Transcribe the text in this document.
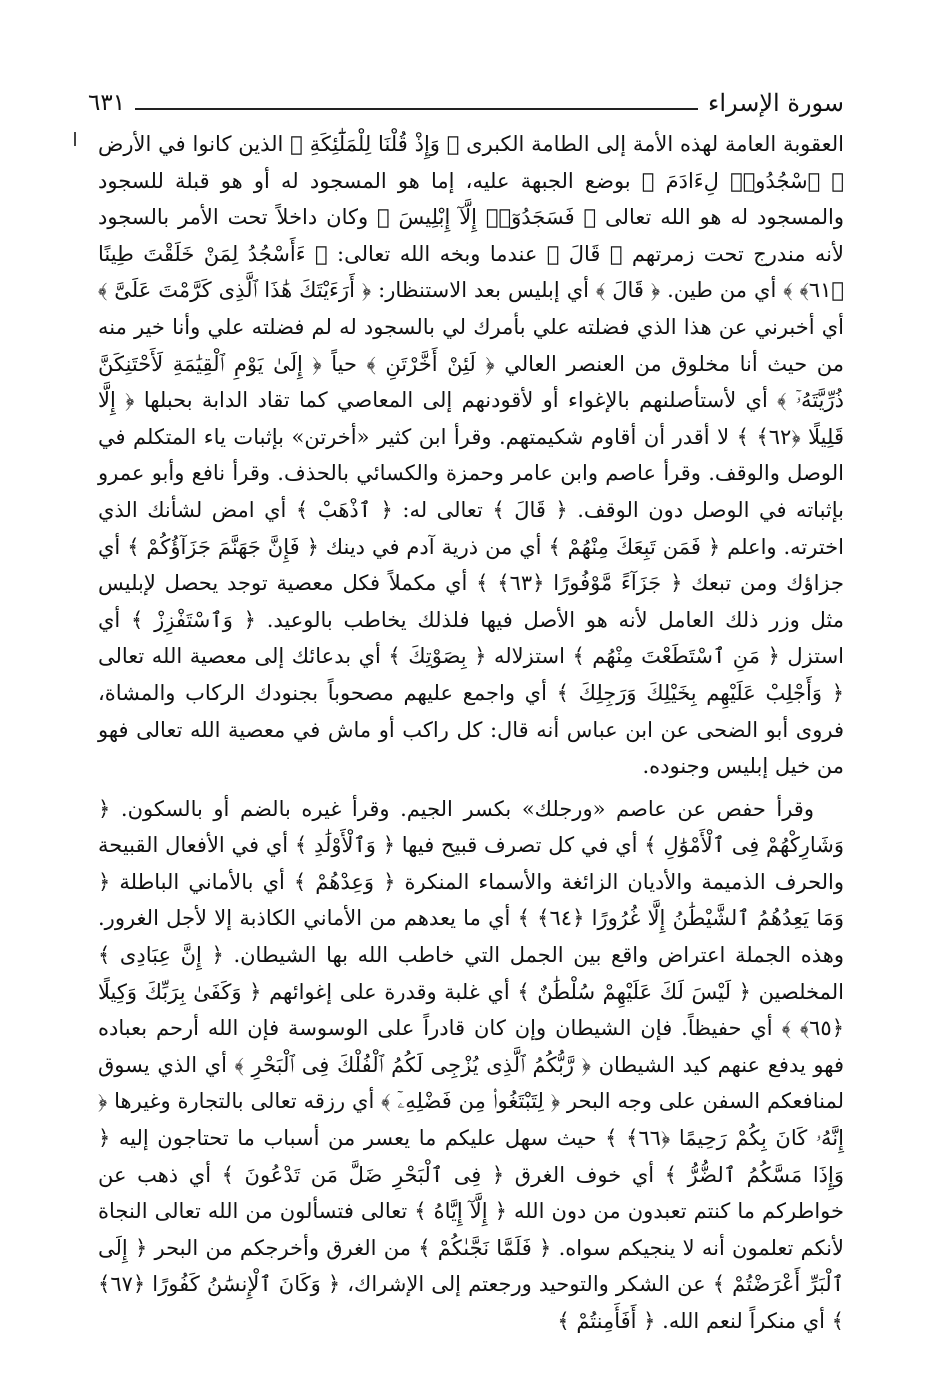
سورة الإسراء
٦٣١

العقوبة العامة لهذه الأمة إلى الطامة الكبرى ﴿ وَإِذْ قُلْنَا لِلْمَلَٰٓئِكَةِ ﴾ الذين كانوا في الأرض ﴿ ٱسْجُدُوا۟ لِءَادَمَ ﴾ بوضع الجبهة عليه، إما هو المسجود له أو هو قبلة للسجود والمسجود له هو الله تعالى ﴿ فَسَجَدُوٓا۟ إِلَّآ إِبْلِيسَ ﴾ وكان داخلاً تحت الأمر بالسجود لأنه مندرج تحت زمرتهم ﴿ قَالَ ﴾ عندما وبخه الله تعالى: ﴿ ءَأَسْجُدُ لِمَنْ خَلَقْتَ طِينًا ﴿٦١﴾ ﴾ أي من طين. ﴿ قَالَ ﴾ أي إبليس بعد الاستنظار: ﴿ أَرَءَيْتَكَ هَٰذَا ٱلَّذِى كَرَّمْتَ عَلَىَّ ﴾ أي أخبرني عن هذا الذي فضلته علي بأمرك لي بالسجود له لم فضلته علي وأنا خير منه من حيث أنا مخلوق من العنصر العالي ﴿ لَئِنْ أَخَّرْتَنِ ﴾ حياً ﴿ إِلَىٰ يَوْمِ ٱلْقِيَٰمَةِ لَأَحْتَنِكَنَّ ذُرِّيَّتَهُۥٓ ﴾ أي لأستأصلنهم بالإغواء أو لأقودنهم إلى المعاصي كما تقاد الدابة بحبلها ﴿ إِلَّا قَلِيلًا ﴿٦٢﴾ ﴾ لا أقدر أن أقاوم شكيمتهم. وقرأ ابن كثير «أخرتن» بإثبات ياء المتكلم في الوصل والوقف. وقرأ عاصم وابن عامر وحمزة والكسائي بالحذف. وقرأ نافع وأبو عمرو بإثباته في الوصل دون الوقف. ﴿ قَالَ ﴾ تعالى له: ﴿ ٱذْهَبْ ﴾ أي امض لشأنك الذي اخترته. واعلم ﴿ فَمَن تَبِعَكَ مِنْهُمْ ﴾ أي من ذرية آدم في دينك ﴿ فَإِنَّ جَهَنَّمَ جَزَآؤُكُمْ ﴾ أي جزاؤك ومن تبعك ﴿ جَزَآءً مَّوْفُورًا ﴿٦٣﴾ ﴾ أي مكملاً فكل معصية توجد يحصل لإبليس مثل وزر ذلك العامل لأنه هو الأصل فيها فلذلك يخاطب بالوعيد. ﴿ وَٱسْتَفْزِزْ ﴾ أي استزل ﴿ مَنِ ٱسْتَطَعْتَ مِنْهُم ﴾ استزلاله ﴿ بِصَوْتِكَ ﴾ أي بدعائك إلى معصية الله تعالى ﴿ وَأَجْلِبْ عَلَيْهِم بِخَيْلِكَ وَرَجِلِكَ ﴾ أي واجمع عليهم مصحوباً بجنودك الركاب والمشاة، فروى أبو الضحى عن ابن عباس أنه قال: كل راكب أو ماش في معصية الله تعالى فهو من خيل إبليس وجنوده.

وقرأ حفص عن عاصم «ورجلك» بكسر الجيم. وقرأ غيره بالضم أو بالسكون. ﴿ وَشَارِكْهُمْ فِى ٱلْأَمْوَٰلِ ﴾ أي في كل تصرف قبيح فيها ﴿ وَٱلْأَوْلَٰدِ ﴾ أي في الأفعال القبيحة والحرف الذميمة والأديان الزائغة والأسماء المنكرة ﴿ وَعِدْهُمْ ﴾ أي بالأماني الباطلة ﴿ وَمَا يَعِدُهُمُ ٱلشَّيْطَٰنُ إِلَّا غُرُورًا ﴿٦٤﴾ ﴾ أي ما يعدهم من الأماني الكاذبة إلا لأجل الغرور. وهذه الجملة اعتراض واقع بين الجمل التي خاطب الله بها الشيطان. ﴿ إِنَّ عِبَادِى ﴾ المخلصين ﴿ لَيْسَ لَكَ عَلَيْهِمْ سُلْطَٰنٌ ﴾ أي غلبة وقدرة على إغوائهم ﴿ وَكَفَىٰ بِرَبِّكَ وَكِيلًا ﴿٦٥﴾ ﴾ أي حفيظاً. فإن الشيطان وإن كان قادراً على الوسوسة فإن الله أرحم بعباده فهو يدفع عنهم كيد الشيطان ﴿ رَّبُّكُمُ ٱلَّذِى يُزْجِى لَكُمُ ٱلْفُلْكَ فِى ٱلْبَحْرِ ﴾ أي الذي يسوق لمنافعكم السفن على وجه البحر ﴿ لِتَبْتَغُوا۟ مِن فَضْلِهِۦٓ ﴾ أي رزقه تعالى بالتجارة وغيرها ﴿ إِنَّهُۥ كَانَ بِكُمْ رَحِيمًا ﴿٦٦﴾ ﴾ حيث سهل عليكم ما يعسر من أسباب ما تحتاجون إليه ﴿ وَإِذَا مَسَّكُمُ ٱلضُّرُّ ﴾ أي خوف الغرق ﴿ فِى ٱلْبَحْرِ ضَلَّ مَن تَدْعُونَ ﴾ أي ذهب عن خواطركم ما كنتم تعبدون من دون الله ﴿ إِلَّآ إِيَّاهُ ﴾ تعالى فتسألون من الله تعالى النجاة لأنكم تعلمون أنه لا ينجيكم سواه. ﴿ فَلَمَّا نَجَّىٰكُمْ ﴾ من الغرق وأخرجكم من البحر ﴿ إِلَى ٱلْبَرِّ أَعْرَضْتُمْ ﴾ عن الشكر والتوحيد ورجعتم إلى الإشراك، ﴿ وَكَانَ ٱلْإِنسَٰنُ كَفُورًا ﴿٦٧﴾ ﴾ أي منكراً لنعم الله. ﴿ أَفَأَمِنتُمْ ﴾
